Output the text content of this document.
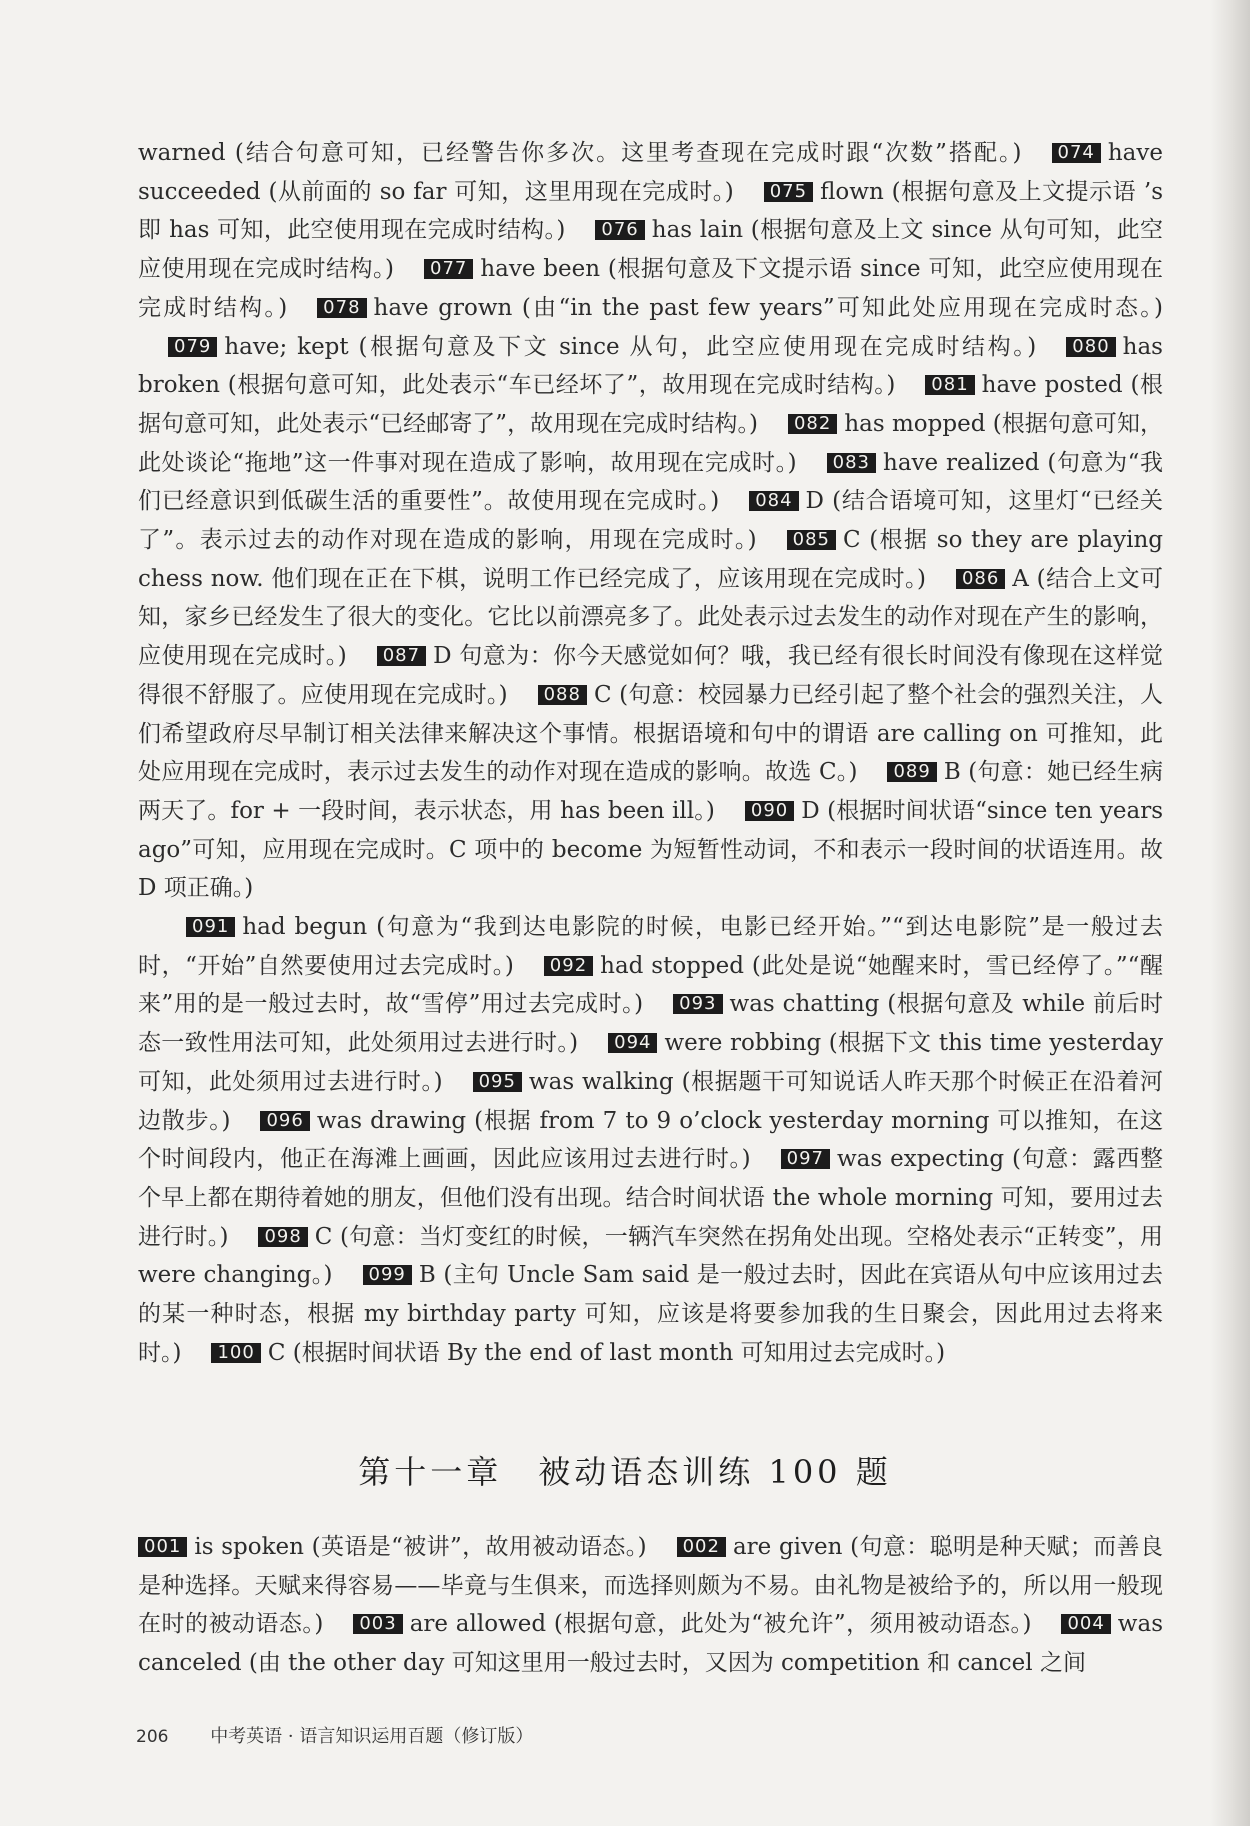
warned (结合句意可知，已经警告你多次。这里考查现在完成时跟“次数”搭配。) 074 have succeeded (从前面的 so far 可知，这里用现在完成时。) 075 flown (根据句意及上文提示语 ’s 即 has 可知，此空使用现在完成时结构。) 076 has lain (根据句意及上文 since 从句可知，此空应使用现在完成时结构。) 077 have been (根据句意及下文提示语 since 可知，此空应使用现在完成时结构。) 078 have grown (由“in the past few years”可知此处应用现在完成时态。)079 have; kept (根据句意及下文 since 从句，此空应使用现在完成时结构。) 080 has broken (根据句意可知，此处表示“车已经坏了”，故用现在完成时结构。) 081 have posted (根据句意可知，此处表示“已经邮寄了”，故用现在完成时结构。) 082 has mopped (根据句意可知，此处谈论“拖地”这一件事对现在造成了影响，故用现在完成时。) 083 have realized (句意为“我们已经意识到低碳生活的重要性”。故使用现在完成时。) 084 D (结合语境可知，这里灯“已经关了”。表示过去的动作对现在造成的影响，用现在完成时。) 085 C (根据 so they are playing chess now. 他们现在正在下棋，说明工作已经完成了，应该用现在完成时。) 086 A (结合上文可知，家乡已经发生了很大的变化。它比以前漂亮多了。此处表示过去发生的动作对现在产生的影响，应使用现在完成时。) 087 D 句意为：你今天感觉如何？哦，我已经有很长时间没有像现在这样觉得很不舒服了。应使用现在完成时。) 088 C (句意：校园暴力已经引起了整个社会的强烈关注，人们希望政府尽早制订相关法律来解决这个事情。根据语境和句中的谓语 are calling on 可推知，此处应用现在完成时，表示过去发生的动作对现在造成的影响。故选 C。) 089 B (句意：她已经生病两天了。for + 一段时间，表示状态，用 has been ill。) 090 D (根据时间状语“since ten years ago”可知，应用现在完成时。C 项中的 become 为短暂性动词，不和表示一段时间的状语连用。故 D 项正确。)

091 had begun (句意为“我到达电影院的时候，电影已经开始。”“到达电影院”是一般过去时，“开始”自然要使用过去完成时。) 092 had stopped (此处是说“她醒来时，雪已经停了。”“醒来”用的是一般过去时，故“雪停”用过去完成时。) 093 was chatting (根据句意及 while 前后时态一致性用法可知，此处须用过去进行时。) 094 were robbing (根据下文 this time yesterday 可知，此处须用过去进行时。) 095 was walking (根据题干可知说话人昨天那个时候正在沿着河边散步。) 096 was drawing (根据 from 7 to 9 o’clock yesterday morning 可以推知，在这个时间段内，他正在海滩上画画，因此应该用过去进行时。) 097 was expecting (句意：露西整个早上都在期待着她的朋友，但他们没有出现。结合时间状语 the whole morning 可知，要用过去进行时。) 098 C (句意：当灯变红的时候，一辆汽车突然在拐角处出现。空格处表示“正转变”，用 were changing。) 099 B (主句 Uncle Sam said 是一般过去时，因此在宾语从句中应该用过去的某一种时态，根据 my birthday party 可知，应该是将要参加我的生日聚会，因此用过去将来时。) 100 C (根据时间状语 By the end of last month 可知用过去完成时。)

第十一章　被动语态训练 100 题

001 is spoken (英语是“被讲”，故用被动语态。) 002 are given (句意：聪明是种天赋；而善良是种选择。天赋来得容易——毕竟与生俱来，而选择则颇为不易。由礼物是被给予的，所以用一般现在时的被动语态。) 003 are allowed (根据句意，此处为“被允许”，须用被动语态。) 004 was canceled (由 the other day 可知这里用一般过去时，又因为 competition 和 cancel 之间

206 中考英语 · 语言知识运用百题（修订版）
